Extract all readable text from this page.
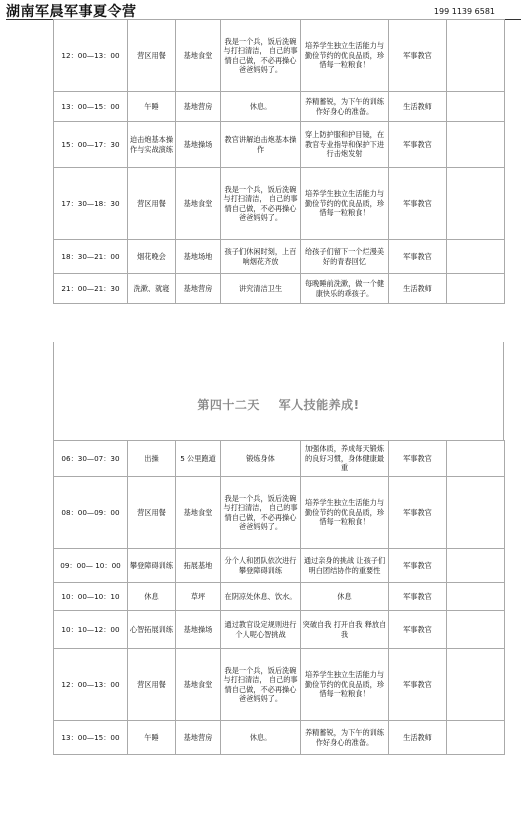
湖南军晨军事夏令营	199 1139 6581
12：00—13：00	营区用餐	基地食堂	我是一个兵，饭后洗碗与打扫清洁， 自己的事情自己做，不必再操心爸爸妈妈了。	培养学生独立生活能力与勤俭节约的优良品质，珍惜每一粒粮食！	军事教官	
13：00—15：00	午睡	基地营房	休息。	养精蓄锐，为下午的训练作好身心的准备。	生活教师	
15：00—17：30	迫击炮基本操作与实战演练	基地操场	教官讲解迫击炮基本操作	穿上防护服和护目镜，在教官专业指导和保护下进行击炮发射	军事教官	
17：30—18：30	营区用餐	基地食堂	我是一个兵，饭后洗碗与打扫清洁， 自己的事情自己做，不必再操心爸爸妈妈了。	培养学生独立生活能力与勤俭节约的优良品质，珍惜每一粒粮食！	军事教官	
18：30—21：00	烟花晚会	基地场地	孩子们休闲时刻，上百响烟花齐放	给孩子们留下一个烂漫美好的青春回忆	军事教官	
21：00—21：30	洗漱、就寝	基地营房	讲究清洁卫生	每晚睡前洗漱，做一个健康快乐的乖孩子。	生活教师	
第四十二天 军人技能养成!
06：30—07：30	出操	5 公里跑道	锻炼身体	加强体质，养成每天锻炼的良好习惯，身体健康最重	军事教官	
08：00—09：00	营区用餐	基地食堂	我是一个兵，饭后洗碗与打扫清洁， 自己的事情自己做，不必再操心爸爸妈妈了。	培养学生独立生活能力与勤俭节约的优良品质，珍惜每一粒粮食！	军事教官	
09：00— 10：00	攀登障碍训练	拓展基地	分个人和团队依次进行攀登障碍训练	通过亲身的挑战 让孩子们明白团结协作的重要性	军事教官	
10：00—10：10	休息	草坪	在阴凉处休息、饮水。	休息	军事教官	
10：10—12：00	心智拓展训练	基地操场	通过教官设定规则进行个人呢心智挑战	突破自我 打开自我 释放自我	军事教官	
12：00—13：00	营区用餐	基地食堂	我是一个兵，饭后洗碗与打扫清洁， 自己的事情自己做，不必再操心爸爸妈妈了。	培养学生独立生活能力与勤俭节约的优良品质，珍惜每一粒粮食！	军事教官	
13：00—15：00	午睡	基地营房	休息。	养精蓄锐，为下午的训练作好身心的准备。	生活教师	
